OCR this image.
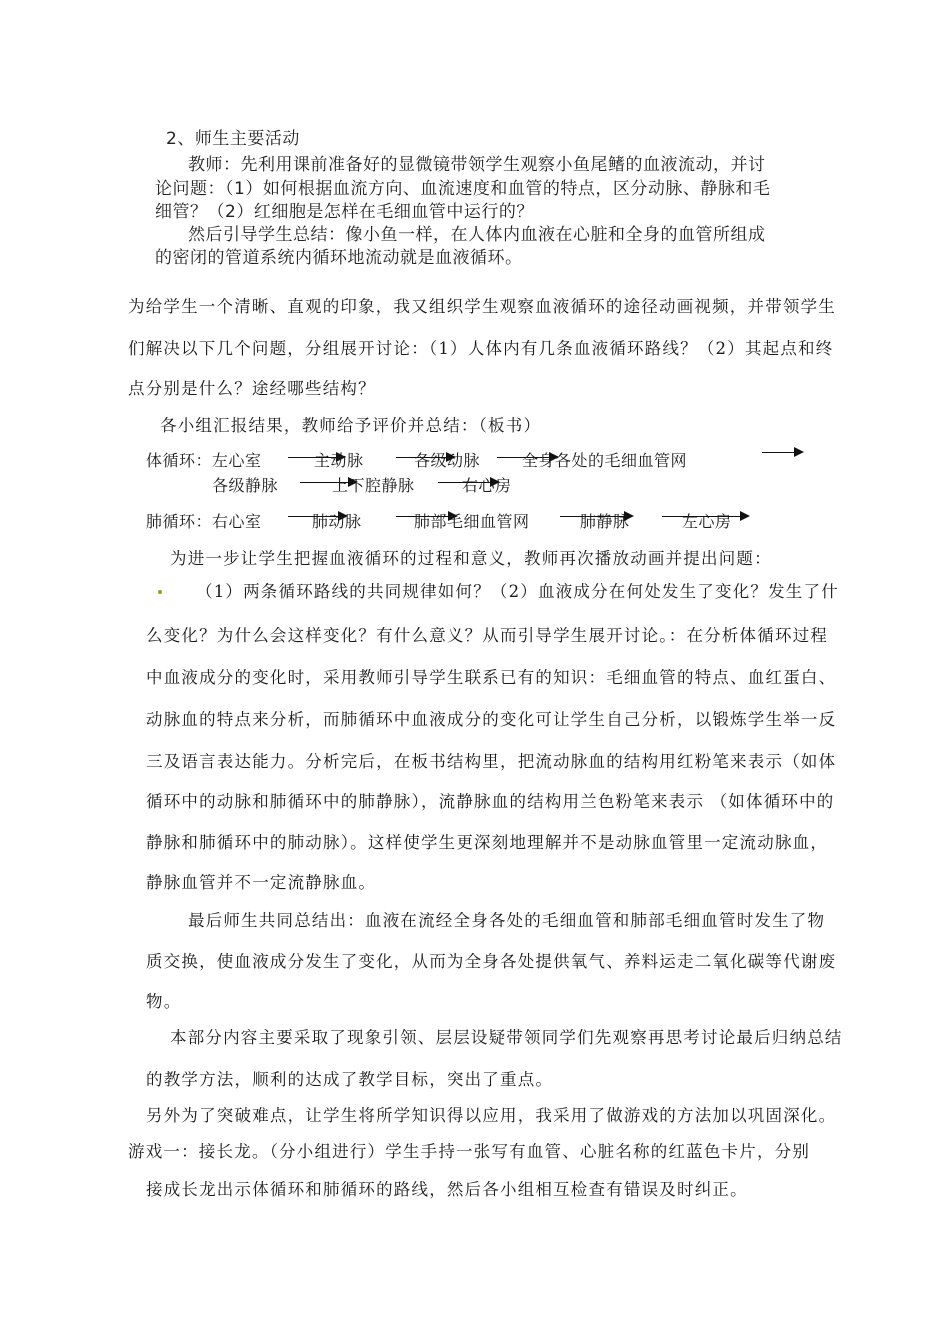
2、师生主要活动
教师：先利用课前准备好的显微镜带领学生观察小鱼尾鳍的血液流动，并讨
论问题：（1）如何根据血流方向、血流速度和血管的特点，区分动脉、静脉和毛
细管？（2）红细胞是怎样在毛细血管中运行的？
然后引导学生总结：像小鱼一样，在人体内血液在心脏和全身的血管所组成
的密闭的管道系统内循环地流动就是血液循环。
为给学生一个清晰、直观的印象，我又组织学生观察血液循环的途径动画视频，并带领学生
们解决以下几个问题，分组展开讨论：（1）人体内有几条血液循环路线？（2）其起点和终
点分别是什么？途经哪些结构？
各小组汇报结果，教师给予评价并总结：（板书）
体循环： 左心室	主动脉	各级动脉	全身各处的毛细血管网
各级静脉	上下腔静脉	右心房
肺循环： 右心室	肺动脉	肺部毛细血管网	肺静脉	左心房
为进一步让学生把握血液循环的过程和意义，教师再次播放动画并提出问题：
（1）两条循环路线的共同规律如何？（2）血液成分在何处发生了变化？发生了什
么变化？为什么会这样变化？有什么意义？从而引导学生展开讨论。：在分析体循环过程
中血液成分的变化时，采用教师引导学生联系已有的知识：毛细血管的特点、血红蛋白、
动脉血的特点来分析，而肺循环中血液成分的变化可让学生自己分析，以锻炼学生举一反
三及语言表达能力。分析完后，在板书结构里，把流动脉血的结构用红粉笔来表示（如体
循环中的动脉和肺循环中的肺静脉），流静脉血的结构用兰色粉笔来表示 （如体循环中的
静脉和肺循环中的肺动脉）。这样使学生更深刻地理解并不是动脉血管里一定流动脉血，
静脉血管并不一定流静脉血。
最后师生共同总结出：血液在流经全身各处的毛细血管和肺部毛细血管时发生了物
质交换，使血液成分发生了变化，从而为全身各处提供氧气、养料运走二氧化碳等代谢废
物。
本部分内容主要采取了现象引领、层层设疑带领同学们先观察再思考讨论最后归纳总结
的教学方法，顺利的达成了教学目标，突出了重点。
另外为了突破难点，让学生将所学知识得以应用，我采用了做游戏的方法加以巩固深化。
游戏一：接长龙。（分小组进行）学生手持一张写有血管、心脏名称的红蓝色卡片，分别
接成长龙出示体循环和肺循环的路线，然后各小组相互检查有错误及时纠正。
